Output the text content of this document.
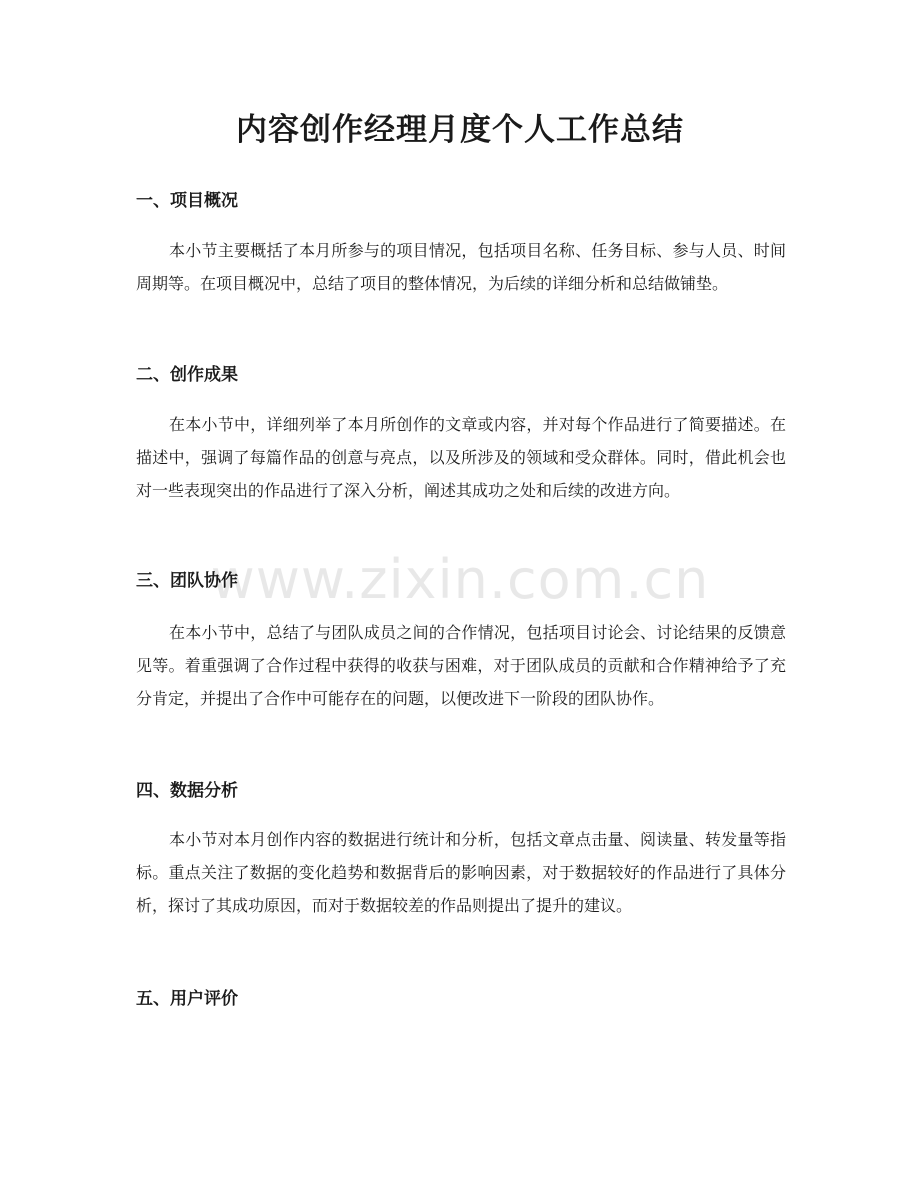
内容创作经理月度个人工作总结
一、项目概况

本小节主要概括了本月所参与的项目情况，包括项目名称、任务目标、参与人员、时间周期等。在项目概况中，总结了项目的整体情况，为后续的详细分析和总结做铺垫。

二、创作成果

在本小节中，详细列举了本月所创作的文章或内容，并对每个作品进行了简要描述。在描述中，强调了每篇作品的创意与亮点，以及所涉及的领域和受众群体。同时，借此机会也对一些表现突出的作品进行了深入分析，阐述其成功之处和后续的改进方向。

三、团队协作

在本小节中，总结了与团队成员之间的合作情况，包括项目讨论会、讨论结果的反馈意见等。着重强调了合作过程中获得的收获与困难，对于团队成员的贡献和合作精神给予了充分肯定，并提出了合作中可能存在的问题，以便改进下一阶段的团队协作。

四、数据分析

本小节对本月创作内容的数据进行统计和分析，包括文章点击量、阅读量、转发量等指标。重点关注了数据的变化趋势和数据背后的影响因素，对于数据较好的作品进行了具体分析，探讨了其成功原因，而对于数据较差的作品则提出了提升的建议。

五、用户评价
www.zixin.com.cn
